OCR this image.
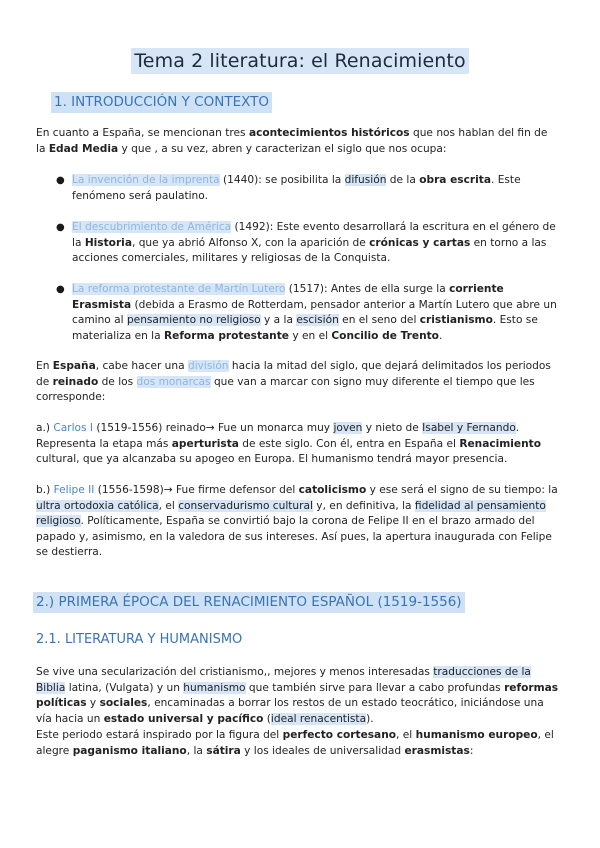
Tema 2 literatura: el Renacimiento
1. INTRODUCCIÓN Y CONTEXTO
En cuanto a España, se mencionan tres acontecimientos históricos que nos hablan del fin de la Edad Media y que , a su vez, abren y caracterizan el siglo que nos ocupa:
● La invención de la imprenta (1440): se posibilita la difusión de la obra escrita. Este fenómeno será paulatino.
● El descubrimiento de América (1492): Este evento desarrollará la escritura en el género de la Historia, que ya abrió Alfonso X, con la aparición de crónicas y cartas en torno a las acciones comerciales, militares y religiosas de la Conquista.
● La reforma protestante de Martín Lutero (1517): Antes de ella surge la corriente Erasmista (debida a Erasmo de Rotterdam, pensador anterior a Martín Lutero que abre un camino al pensamiento no religioso y a la escisión en el seno del cristianismo. Esto se materializa en la Reforma protestante y en el Concilio de Trento.
En España, cabe hacer una división hacia la mitad del siglo, que dejará delimitados los periodos de reinado de los dos monarcas que van a marcar con signo muy diferente el tiempo que les corresponde:
a.) Carlos I (1519-1556) reinado→ Fue un monarca muy joven y nieto de Isabel y Fernando. Representa la etapa más aperturista de este siglo. Con él, entra en España el Renacimiento cultural, que ya alcanzaba su apogeo en Europa. El humanismo tendrá mayor presencia.
b.) Felipe II (1556-1598)→ Fue firme defensor del catolicismo y ese será el signo de su tiempo: la ultra ortodoxia católica, el conservadurismo cultural y, en definitiva, la fidelidad al pensamiento religioso. Políticamente, España se convirtió bajo la corona de Felipe II en el brazo armado del papado y, asimismo, en la valedora de sus intereses. Así pues, la apertura inaugurada con Felipe se destierra.
2.) PRIMERA ÉPOCA DEL RENACIMIENTO ESPAÑOL (1519-1556)
2.1. LITERATURA Y HUMANISMO
Se vive una secularización del cristianismo,, mejores y menos interesadas traducciones de la Biblia latina, (Vulgata) y un humanismo que también sirve para llevar a cabo profundas reformas políticas y sociales, encaminadas a borrar los restos de un estado teocrático, iniciándose una vía hacia un estado universal y pacífico (ideal renacentista).
Este periodo estará inspirado por la figura del perfecto cortesano, el humanismo europeo, el alegre paganismo italiano, la sátira y los ideales de universalidad erasmistas:
